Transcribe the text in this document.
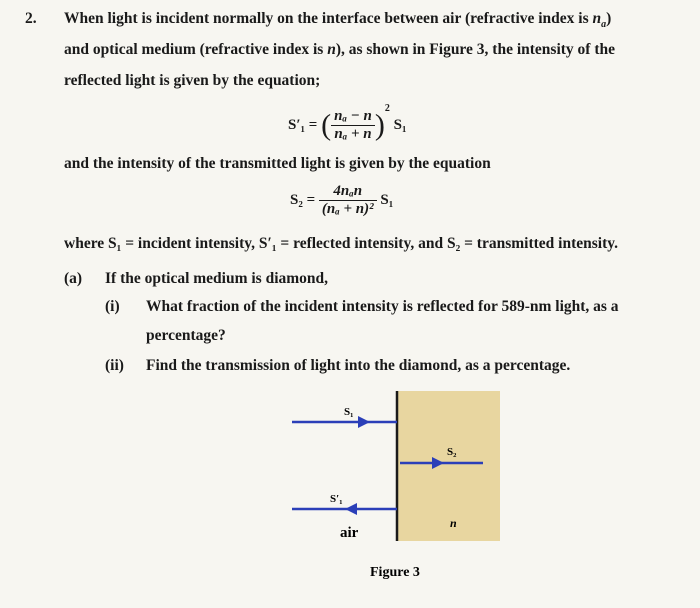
2. When light is incident normally on the interface between air (refractive index is $n_a$)
and optical medium (refractive index is n), as shown in Figure 3, the intensity of the
reflected light is given by the equation;
S′₁ = ( $\frac{\text{nₐ − n}}{\text{nₐ + n}} )^2$ S₁
and the intensity of the transmitted light is given by the equation
$S_2 = \frac{\text{4nₐn}}{\text{(nₐ + n)²}} S_1$
where S₁ = incident intensity, S′₁ = reflected intensity, and S₂ = transmitted intensity.
(a) If the optical medium is diamond,
(i) What fraction of the incident intensity is reflected for 589-nm light, as a
percentage?
(ii) Find the transmission of light into the diamond, as a percentage.
S₁
S₂
S′₁
n
air
Figure 3
